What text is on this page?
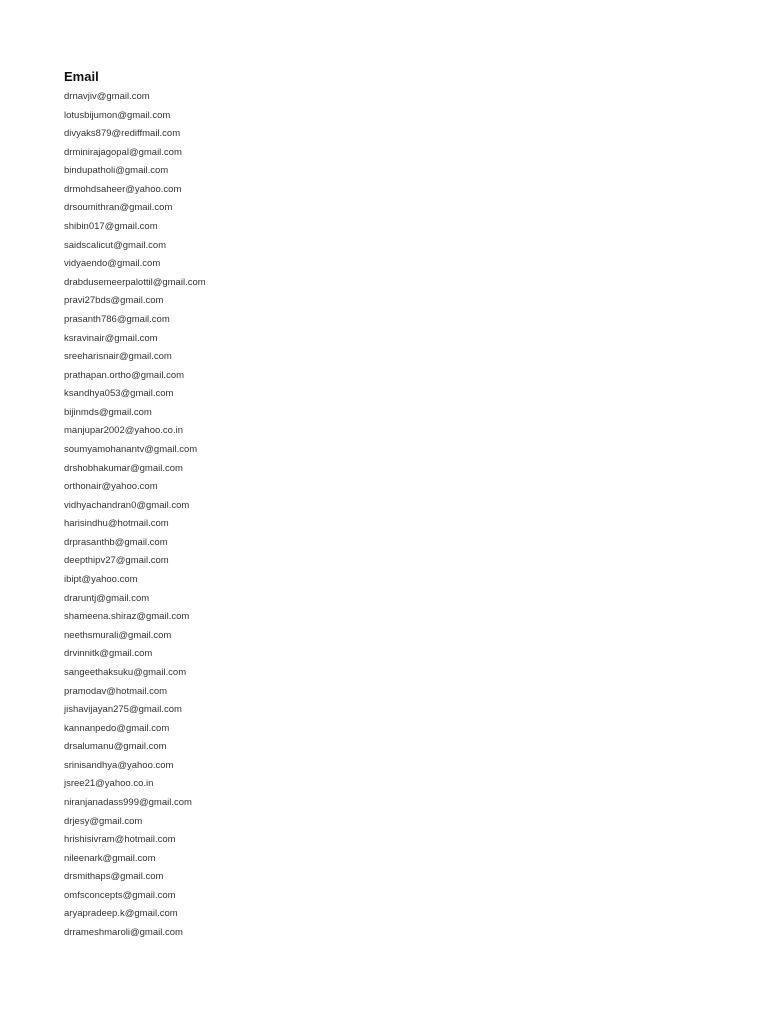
Email
drnavjiv@gmail.com
lotusbijumon@gmail.com
divyaks879@rediffmail.com
drminirajagopal@gmail.com
bindupatholi@gmail.com
drmohdsaheer@yahoo.com
drsoumithran@gmail.com
shibin017@gmail.com
saidscalicut@gmail.com
vidyaendo@gmail.com
drabdusemeerpalottil@gmail.com
pravi27bds@gmail.com
prasanth786@gmail.com
ksravinair@gmail.com
sreeharisnair@gmail.com
prathapan.ortho@gmail.com
ksandhya053@gmail.com
bijinmds@gmail.com
manjupar2002@yahoo.co.in
soumyamohanantv@gmail.com
drshobhakumar@gmail.com
orthonair@yahoo.com
vidhyachandran0@gmail.com
harisindhu@hotmail.com
drprasanthb@gmail.com
deepthipv27@gmail.com
ibipt@yahoo.com
draruntj@gmail.com
shameena.shiraz@gmail.com
neethsmurali@gmail.com
drvinnitk@gmail.com
sangeethaksuku@gmail.com
pramodav@hotmail.com
jishavijayan275@gmail.com
kannanpedo@gmail.com
drsalumanu@gmail.com
srinisandhya@yahoo.com
jsree21@yahoo.co.in
niranjanadass999@gmail.com
drjesy@gmail.com
hrishisivram@hotmail.com
nileenark@gmail.com
drsmithaps@gmail.com
omfsconcepts@gmail.com
aryapradeep.k@gmail.com
drrameshmaroli@gmail.com
